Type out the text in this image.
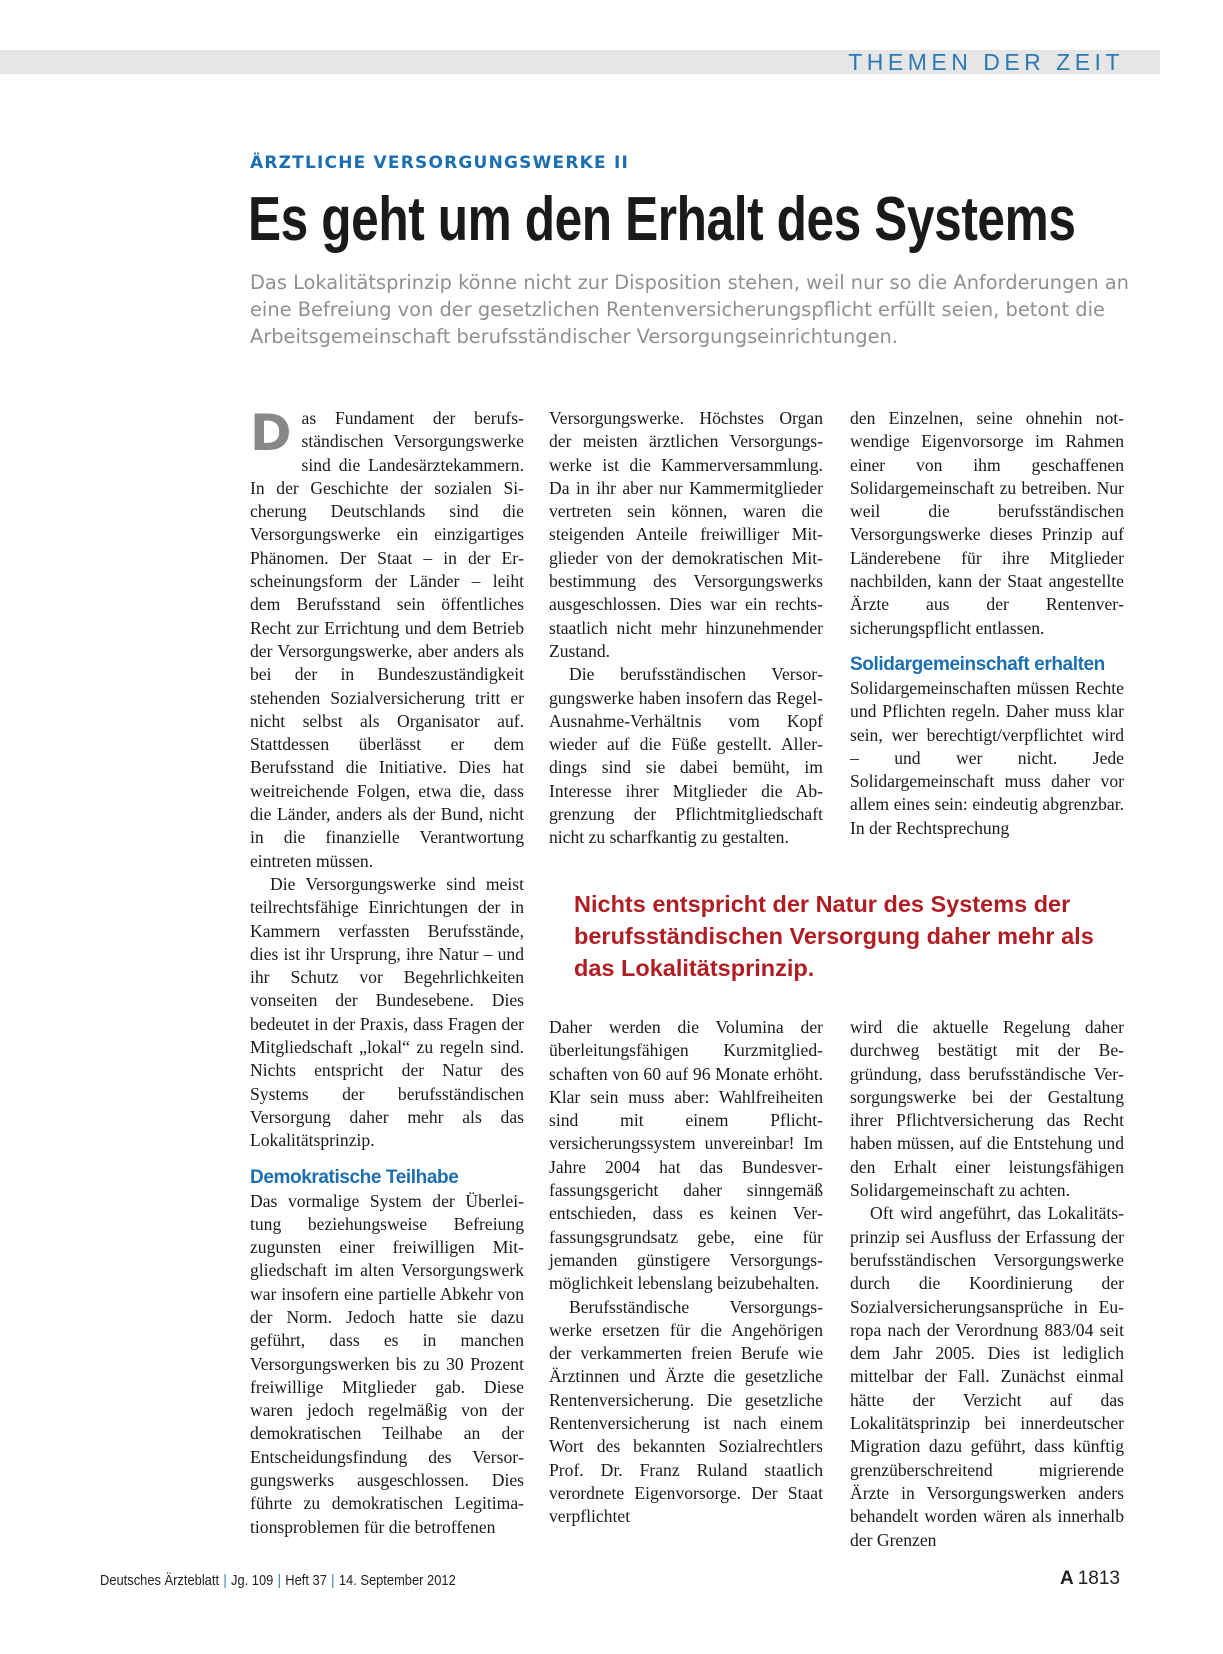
THEMEN DER ZEIT
ÄRZTLICHE VERSORGUNGSWERKE II
Es geht um den Erhalt des Systems
Das Lokalitätsprinzip könne nicht zur Disposition stehen, weil nur so die Anforderungen an eine Befreiung von der gesetzlichen Rentenversicherungspflicht erfüllt seien, betont die Arbeitsgemeinschaft berufsständischer Versorgungseinrichtungen.

Das Fundament der berufsständischen Versorgungswerke sind die Landesärztekammern. In der Geschichte der sozialen Sicherung Deutschlands sind die Versorgungswerke ein einzigartiges Phänomen. Der Staat – in der Erscheinungsform der Länder – leiht dem Berufsstand sein öffentliches Recht zur Errichtung und dem Betrieb der Versorgungswerke, aber anders als bei der in Bundeszuständigkeit stehenden Sozialversicherung tritt er nicht selbst als Organisator auf. Stattdessen überlässt er dem Berufsstand die Initiative. Dies hat weitreichende Folgen, etwa die, dass die Länder, anders als der Bund, nicht in die finanzielle Verantwortung eintreten müssen.

Die Versorgungswerke sind meist teilrechtsfähige Einrichtungen der in Kammern verfassten Berufsstände, dies ist ihr Ursprung, ihre Natur – und ihr Schutz vor Begehrlichkeiten vonseiten der Bundesebene. Dies bedeutet in der Praxis, dass Fragen der Mitgliedschaft „lokal“ zu regeln sind. Nichts entspricht der Natur des Systems der berufsständischen Versorgung daher mehr als das Lokalitätsprinzip.

Demokratische Teilhabe

Das vormalige System der Überleitung beziehungsweise Befreiung zugunsten einer freiwilligen Mitgliedschaft im alten Versorgungswerk war insofern eine partielle Abkehr von der Norm. Jedoch hatte sie dazu geführt, dass es in manchen Versorgungswerken bis zu 30 Prozent freiwillige Mitglieder gab. Diese waren jedoch regelmäßig von der demokratischen Teilhabe an der Entscheidungsfindung des Versorgungswerks ausgeschlossen. Dies führte zu demokratischen Legitimationsproblemen für die betroffenen

Versorgungswerke. Höchstes Organ der meisten ärztlichen Versorgungswerke ist die Kammerversammlung. Da in ihr aber nur Kammermitglieder vertreten sein können, waren die steigenden Anteile freiwilliger Mitglieder von der demokratischen Mitbestimmung des Versorgungswerks ausgeschlossen. Dies war ein rechtsstaatlich nicht mehr hinzunehmender Zustand.

Die berufsständischen Versorgungswerke haben insofern das Regel-Ausnahme-Verhältnis vom Kopf wieder auf die Füße gestellt. Allerdings sind sie dabei bemüht, im Interesse ihrer Mitglieder die Abgrenzung der Pflichtmitgliedschaft nicht zu scharfkantig zu gestalten.

den Einzelnen, seine ohnehin notwendige Eigenvorsorge im Rahmen einer von ihm geschaffenen Solidargemeinschaft zu betreiben. Nur weil die berufsständischen Versorgungswerke dieses Prinzip auf Länderebene für ihre Mitglieder nachbilden, kann der Staat angestellte Ärzte aus der Rentenversicherungspflicht entlassen.

Solidargemeinschaft erhalten

Solidargemeinschaften müssen Rechte und Pflichten regeln. Daher muss klar sein, wer berechtigt/verpflichtet wird – und wer nicht. Jede Solidargemeinschaft muss daher vor allem eines sein: eindeutig abgrenzbar. In der Rechtsprechung

Nichts entspricht der Natur des Systems der berufsständischen Versorgung daher mehr als das Lokalitätsprinzip.

Daher werden die Volumina der überleitungsfähigen Kurzmitgliedschaften von 60 auf 96 Monate erhöht. Klar sein muss aber: Wahlfreiheiten sind mit einem Pflichtversicherungssystem unvereinbar! Im Jahre 2004 hat das Bundesverfassungsgericht daher sinngemäß entschieden, dass es keinen Verfassungsgrundsatz gebe, eine für jemanden günstigere Versorgungsmöglichkeit lebenslang beizubehalten.

Berufsständische Versorgungswerke ersetzen für die Angehörigen der verkammerten freien Berufe wie Ärztinnen und Ärzte die gesetzliche Rentenversicherung. Die gesetzliche Rentenversicherung ist nach einem Wort des bekannten Sozialrechtlers Prof. Dr. Franz Ruland staatlich verordnete Eigenvorsorge. Der Staat verpflichtet

wird die aktuelle Regelung daher durchweg bestätigt mit der Begründung, dass berufsständische Versorgungswerke bei der Gestaltung ihrer Pflichtversicherung das Recht haben müssen, auf die Entstehung und den Erhalt einer leistungsfähigen Solidargemeinschaft zu achten.

Oft wird angeführt, das Lokalitätsprinzip sei Ausfluss der Erfassung der berufsständischen Versorgungswerke durch die Koordinierung der Sozialversicherungsansprüche in Europa nach der Verordnung 883/04 seit dem Jahr 2005. Dies ist lediglich mittelbar der Fall. Zunächst einmal hätte der Verzicht auf das Lokalitätsprinzip bei innerdeutscher Migration dazu geführt, dass künftig grenzüberschreitend migrierende Ärzte in Versorgungswerken anders behandelt worden wären als innerhalb der Grenzen

Deutsches Ärzteblatt | Jg. 109 | Heft 37 | 14. September 2012	A 1813
